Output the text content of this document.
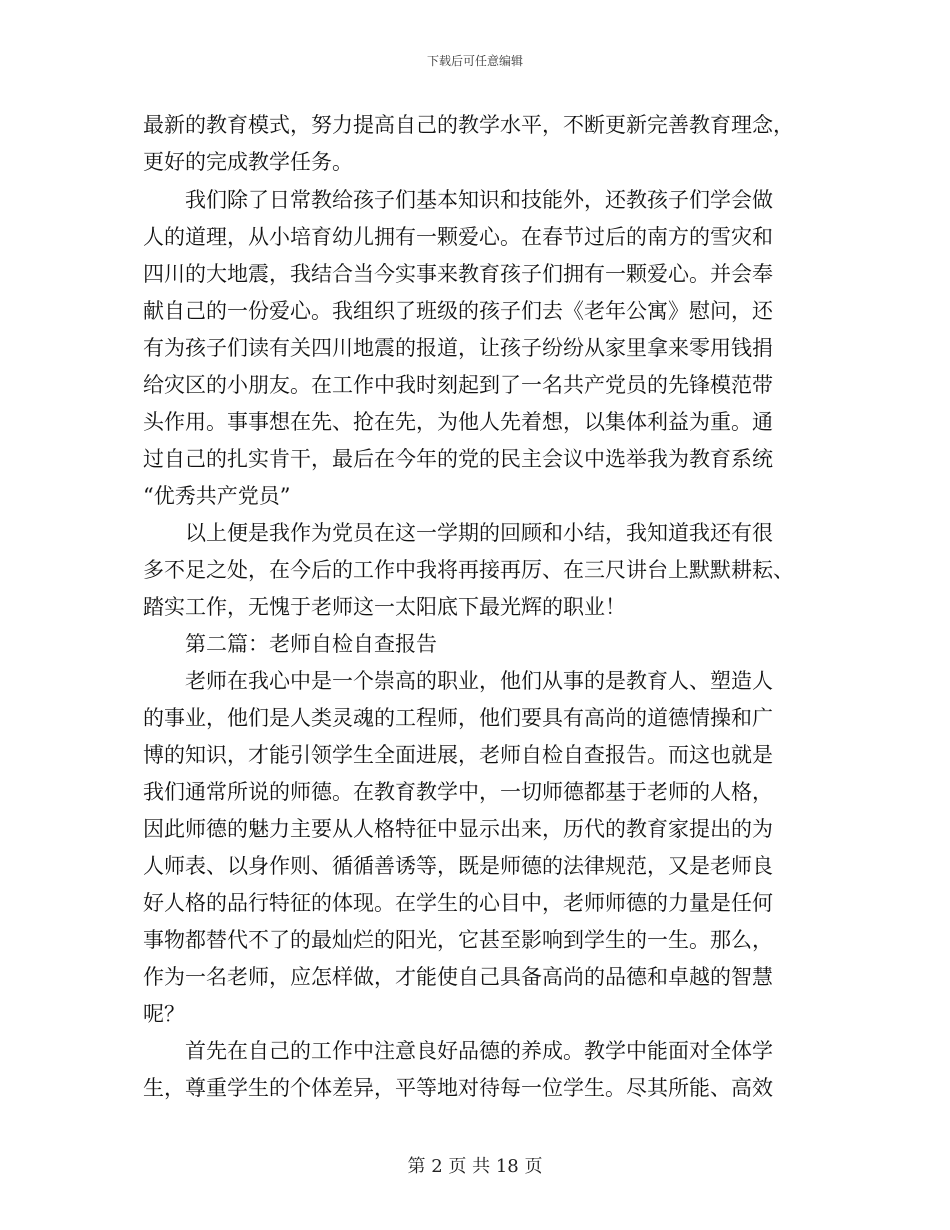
下载后可任意编辑
最新的教育模式，努力提高自己的教学水平，不断更新完善教育理念，
更好的完成教学任务。
　　我们除了日常教给孩子们基本知识和技能外，还教孩子们学会做
人的道理，从小培育幼儿拥有一颗爱心。在春节过后的南方的雪灾和
四川的大地震，我结合当今实事来教育孩子们拥有一颗爱心。并会奉
献自己的一份爱心。我组织了班级的孩子们去《老年公寓》慰问，还
有为孩子们读有关四川地震的报道，让孩子纷纷从家里拿来零用钱捐
给灾区的小朋友。在工作中我时刻起到了一名共产党员的先锋模范带
头作用。事事想在先、抢在先，为他人先着想，以集体利益为重。通
过自己的扎实肯干，最后在今年的党的民主会议中选举我为教育系统
“优秀共产党员”
　　以上便是我作为党员在这一学期的回顾和小结，我知道我还有很
多不足之处，在今后的工作中我将再接再厉、在三尺讲台上默默耕耘、
踏实工作，无愧于老师这一太阳底下最光辉的职业！
　　第二篇：老师自检自查报告
　　老师在我心中是一个崇高的职业，他们从事的是教育人、塑造人
的事业，他们是人类灵魂的工程师，他们要具有高尚的道德情操和广
博的知识，才能引领学生全面进展，老师自检自查报告。而这也就是
我们通常所说的师德。在教育教学中，一切师德都基于老师的人格，
因此师德的魅力主要从人格特征中显示出来，历代的教育家提出的为
人师表、以身作则、循循善诱等，既是师德的法律规范，又是老师良
好人格的品行特征的体现。在学生的心目中，老师师德的力量是任何
事物都替代不了的最灿烂的阳光，它甚至影响到学生的一生。那么，
作为一名老师，应怎样做，才能使自己具备高尚的品德和卓越的智慧
呢？
　　首先在自己的工作中注意良好品德的养成。教学中能面对全体学
生，尊重学生的个体差异，平等地对待每一位学生。尽其所能、高效
第 2 页 共 18 页
